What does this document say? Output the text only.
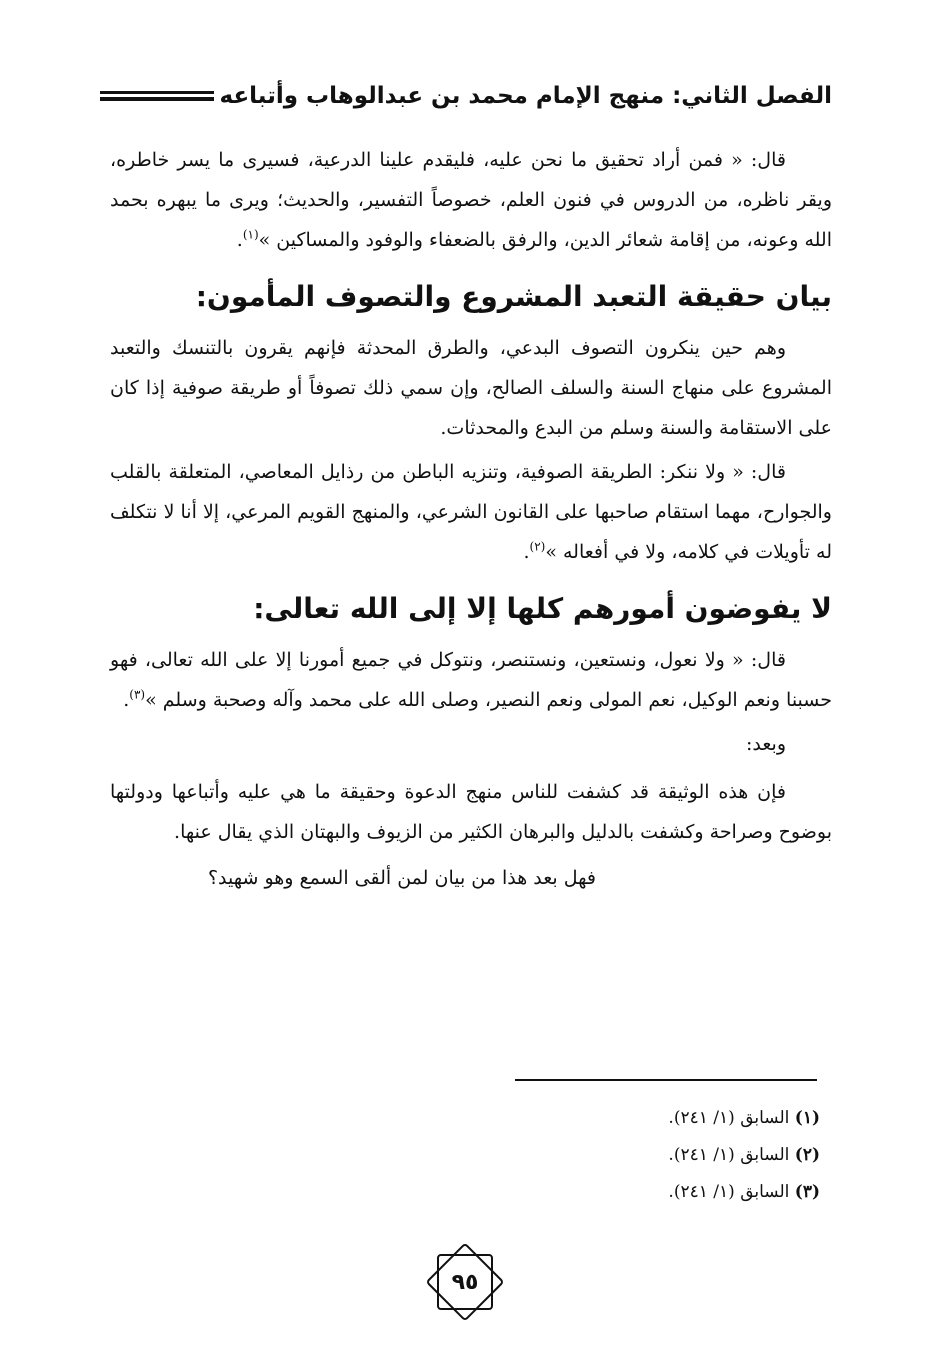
الفصل الثاني: منهج الإمام محمد بن عبدالوهاب وأتباعه

قال: « فمن أراد تحقيق ما نحن عليه، فليقدم علينا الدرعية، فسيرى ما يسر خاطره، ويقر ناظره، من الدروس في فنون العلم، خصوصاً التفسير، والحديث؛ ويرى ما يبهره بحمد الله وعونه، من إقامة شعائر الدين، والرفق بالضعفاء والوفود والمساكين »$^{(١)}$.

بيان حقيقة التعبد المشروع والتصوف المأمون:

وهم حين ينكرون التصوف البدعي، والطرق المحدثة فإنهم يقرون بالتنسك والتعبد المشروع على منهاج السنة والسلف الصالح، وإن سمي ذلك تصوفاً أو طريقة صوفية إذا كان على الاستقامة والسنة وسلم من البدع والمحدثات.

قال: « ولا ننكر: الطريقة الصوفية، وتنزيه الباطن من رذايل المعاصي، المتعلقة بالقلب والجوارح، مهما استقام صاحبها على القانون الشرعي، والمنهج القويم المرعي، إلا أنا لا نتكلف له تأويلات في كلامه، ولا في أفعاله »$^{(٢)}$.

لا يفوضون أمورهم كلها إلا إلى الله تعالى:

قال: « ولا نعول، ونستعين، ونستنصر، ونتوكل في جميع أمورنا إلا على الله تعالى، فهو حسبنا ونعم الوكيل، نعم المولى ونعم النصير، وصلى الله على محمد وآله وصحبة وسلم »$^{(٣)}$.

وبعد:

فإن هذه الوثيقة قد كشفت للناس منهج الدعوة وحقيقة ما هي عليه وأتباعها ودولتها بوضوح وصراحة وكشفت بالدليل والبرهان الكثير من الزيوف والبهتان الذي يقال عنها.

فهل بعد هذا من بيان لمن ألقى السمع وهو شهيد؟

(١) السابق (١/ ٢٤١).

(٢) السابق (١/ ٢٤١).

(٣) السابق (١/ ٢٤١).

٩٥
